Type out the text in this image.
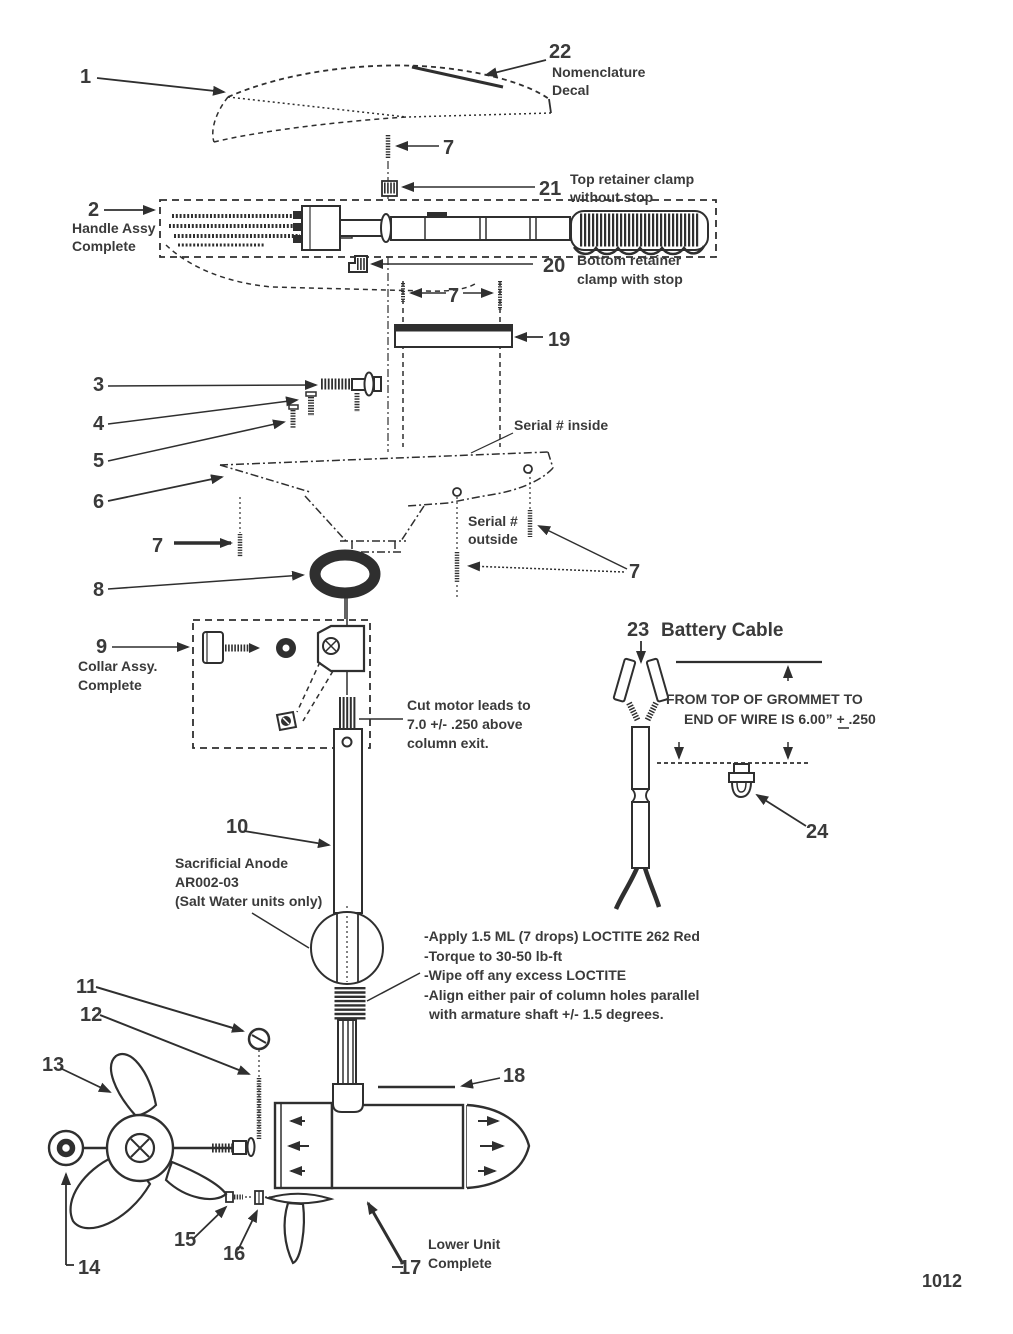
1
22
Nomenclature
Decal
7
2
Handle Assy
Complete
21 Top retainer clamp
without stop
20 Bottom retainer
clamp with stop
7
19
3
4
5
6
Serial # inside
7
Serial #
outside
7
8
9
Collar Assy.
Complete
10
Cut motor leads to
7.0 +/- .250 above
column exit.
Sacrificial Anode
AR002-03
(Salt Water units only)
-Apply 1.5 ML (7 drops) LOCTITE 262 Red
-Torque to 30-50 lb-ft
-Wipe off any excess LOCTITE
-Align either pair of column holes parallel
with armature shaft +/- 1.5 degrees.
23 Battery Cable
FROM TOP OF GROMMET TO
END OF WIRE IS 6.00” + .250
24
11
12
18
15
16
17
Lower Unit
Complete
14
13
1012
